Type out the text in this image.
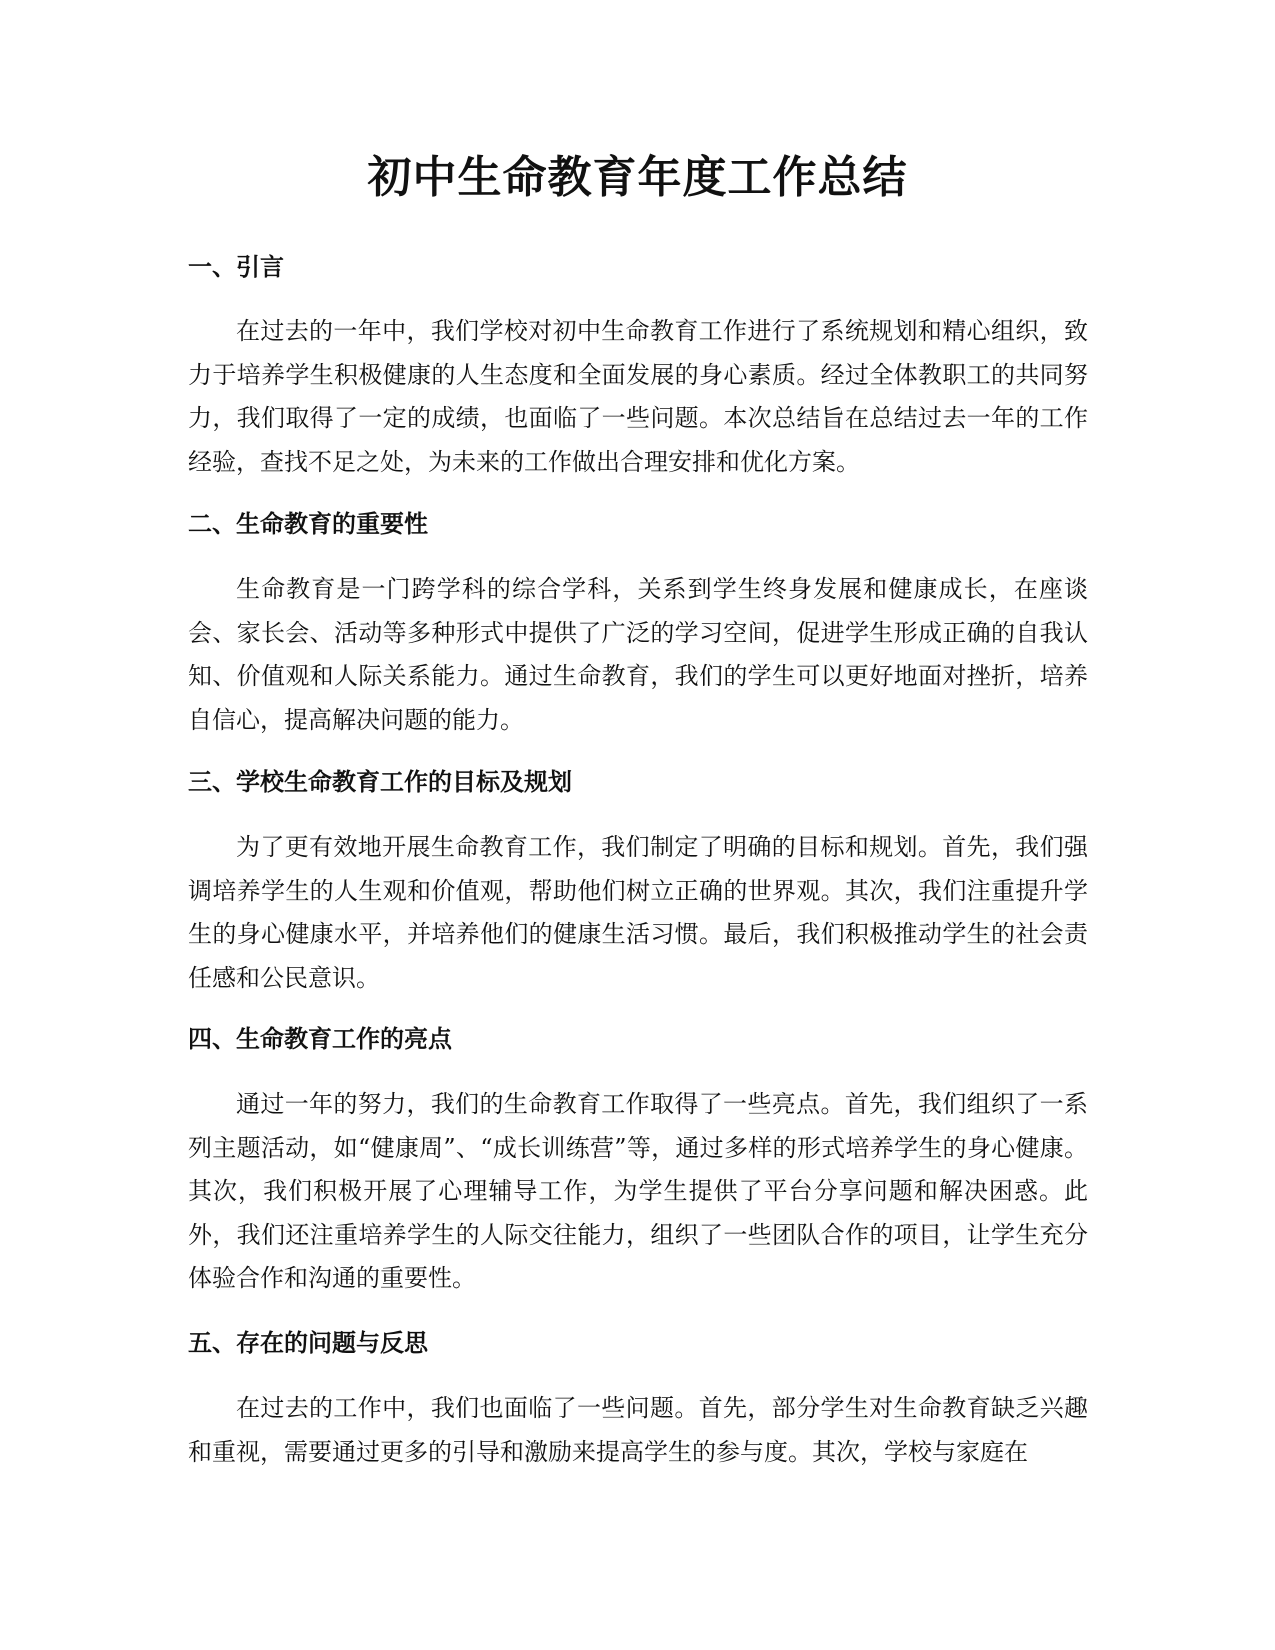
初中生命教育年度工作总结
一、引言

在过去的一年中，我们学校对初中生命教育工作进行了系统规划和精心组织，致力于培养学生积极健康的人生态度和全面发展的身心素质。经过全体教职工的共同努力，我们取得了一定的成绩，也面临了一些问题。本次总结旨在总结过去一年的工作经验，查找不足之处，为未来的工作做出合理安排和优化方案。

二、生命教育的重要性

生命教育是一门跨学科的综合学科，关系到学生终身发展和健康成长，在座谈会、家长会、活动等多种形式中提供了广泛的学习空间，促进学生形成正确的自我认知、价值观和人际关系能力。通过生命教育，我们的学生可以更好地面对挫折，培养自信心，提高解决问题的能力。

三、学校生命教育工作的目标及规划

为了更有效地开展生命教育工作，我们制定了明确的目标和规划。首先，我们强调培养学生的人生观和价值观，帮助他们树立正确的世界观。其次，我们注重提升学生的身心健康水平，并培养他们的健康生活习惯。最后，我们积极推动学生的社会责任感和公民意识。

四、生命教育工作的亮点

通过一年的努力，我们的生命教育工作取得了一些亮点。首先，我们组织了一系列主题活动，如“健康周”、“成长训练营”等，通过多样的形式培养学生的身心健康。其次，我们积极开展了心理辅导工作，为学生提供了平台分享问题和解决困惑。此外，我们还注重培养学生的人际交往能力，组织了一些团队合作的项目，让学生充分体验合作和沟通的重要性。

五、存在的问题与反思

在过去的工作中，我们也面临了一些问题。首先，部分学生对生命教育缺乏兴趣和重视，需要通过更多的引导和激励来提高学生的参与度。其次，学校与家庭在
